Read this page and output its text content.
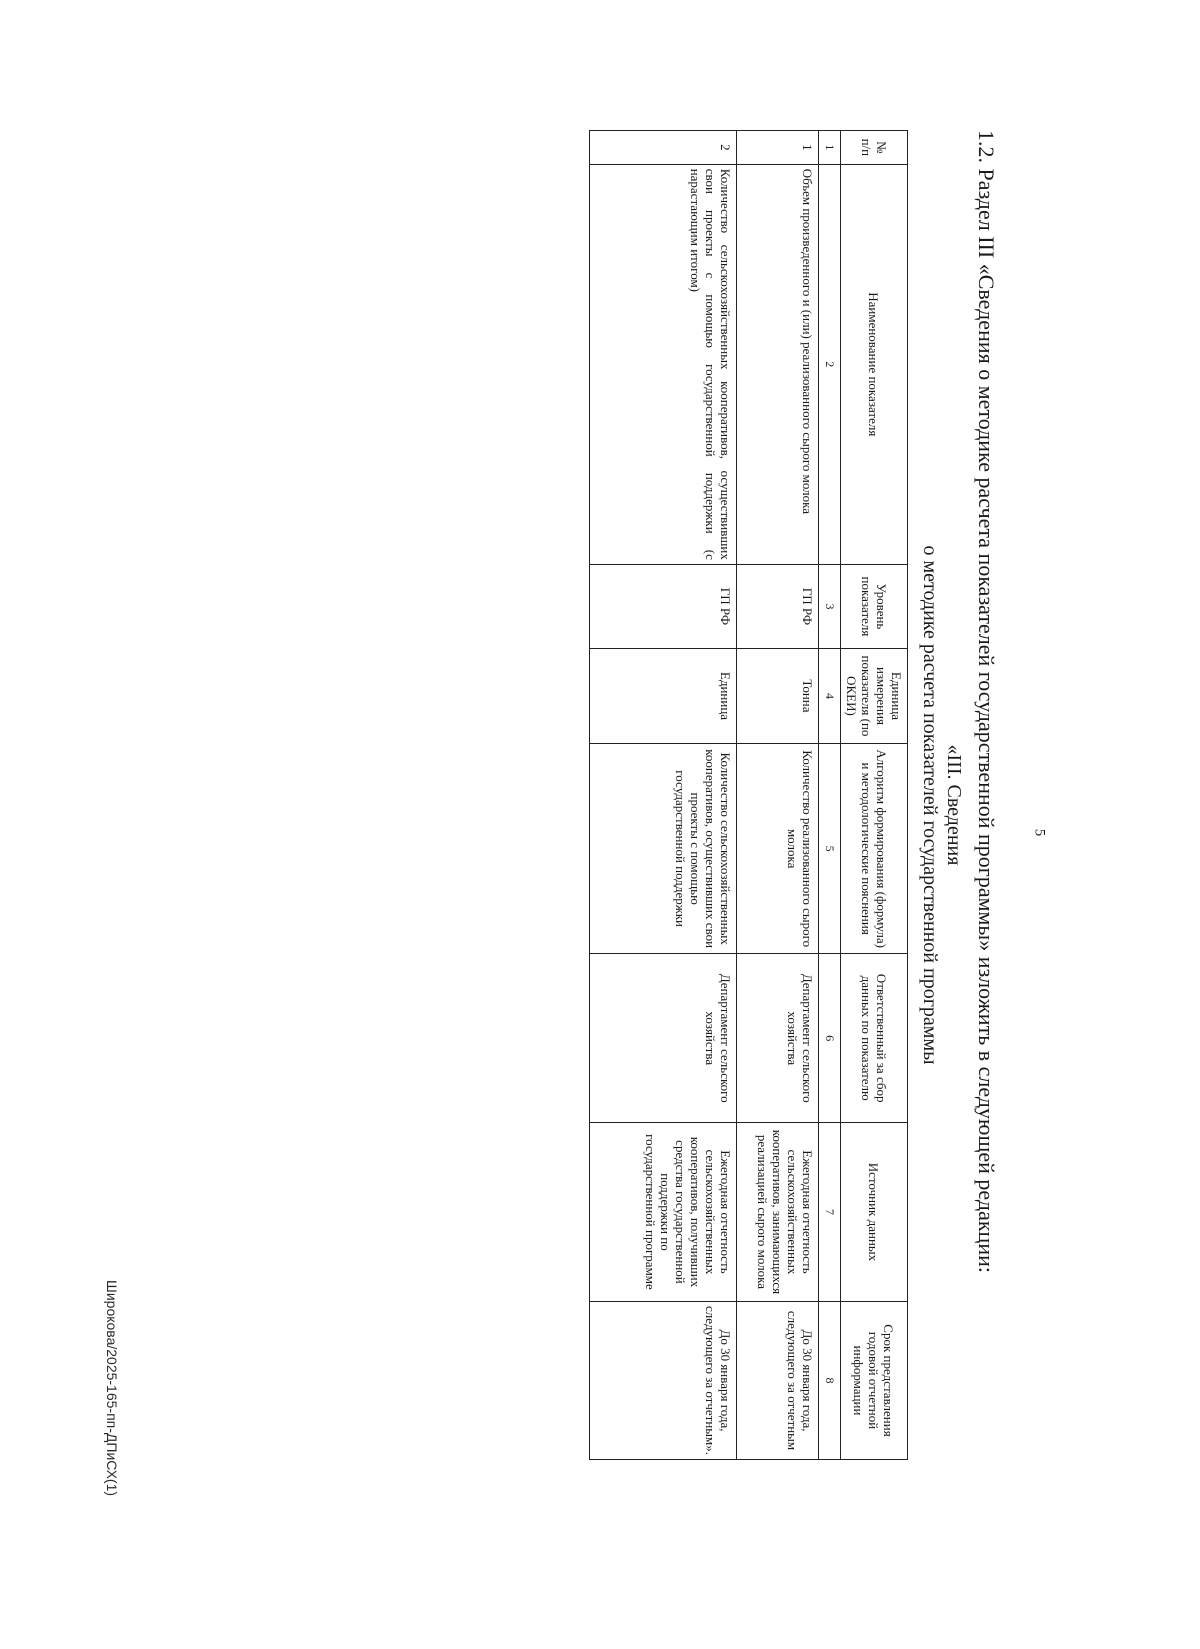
5
1.2. Раздел III «Сведения о методике расчета показателей государственной программы» изложить в следующей редакции:
«III. Сведения
о методике расчета показателей государственной программы
№ п/п	Наименование показателя	Уровень показателя	Единица измерения показателя (по ОКЕИ)	Алгоритм формирования (формула) и методологические пояснения	Ответственный за сбор данных по показателю	Источник данных	Срок представления годовой отчетной информации
1	2	3	4	5	6	7	8
1	Объем произведенного и (или) реализованного сырого молока	ГП РФ	Тонна	Количество реализованного сырого молока	Департамент сельского хозяйства	Ежегодная отчетность сельскохозяйственных кооперативов, занимающихся реализацией сырого молока	До 30 января года, следующего за отчетным
2	Количество сельскохозяйственных кооперативов, осуществивших свои проекты с помощью государственной поддержки (с нарастающим итогом)	ГП РФ	Единица	Количество сельскохозяйственных кооперативов, осуществивших свои проекты с помощью государственной поддержки	Департамент сельского хозяйства	Ежегодная отчетность сельскохозяйственных кооперативов, получивших средства государственной поддержки по государственной программе	До 30 января года, следующего за отчетным».
Широкова/2025-165-пп-ДПиСХ(1)
